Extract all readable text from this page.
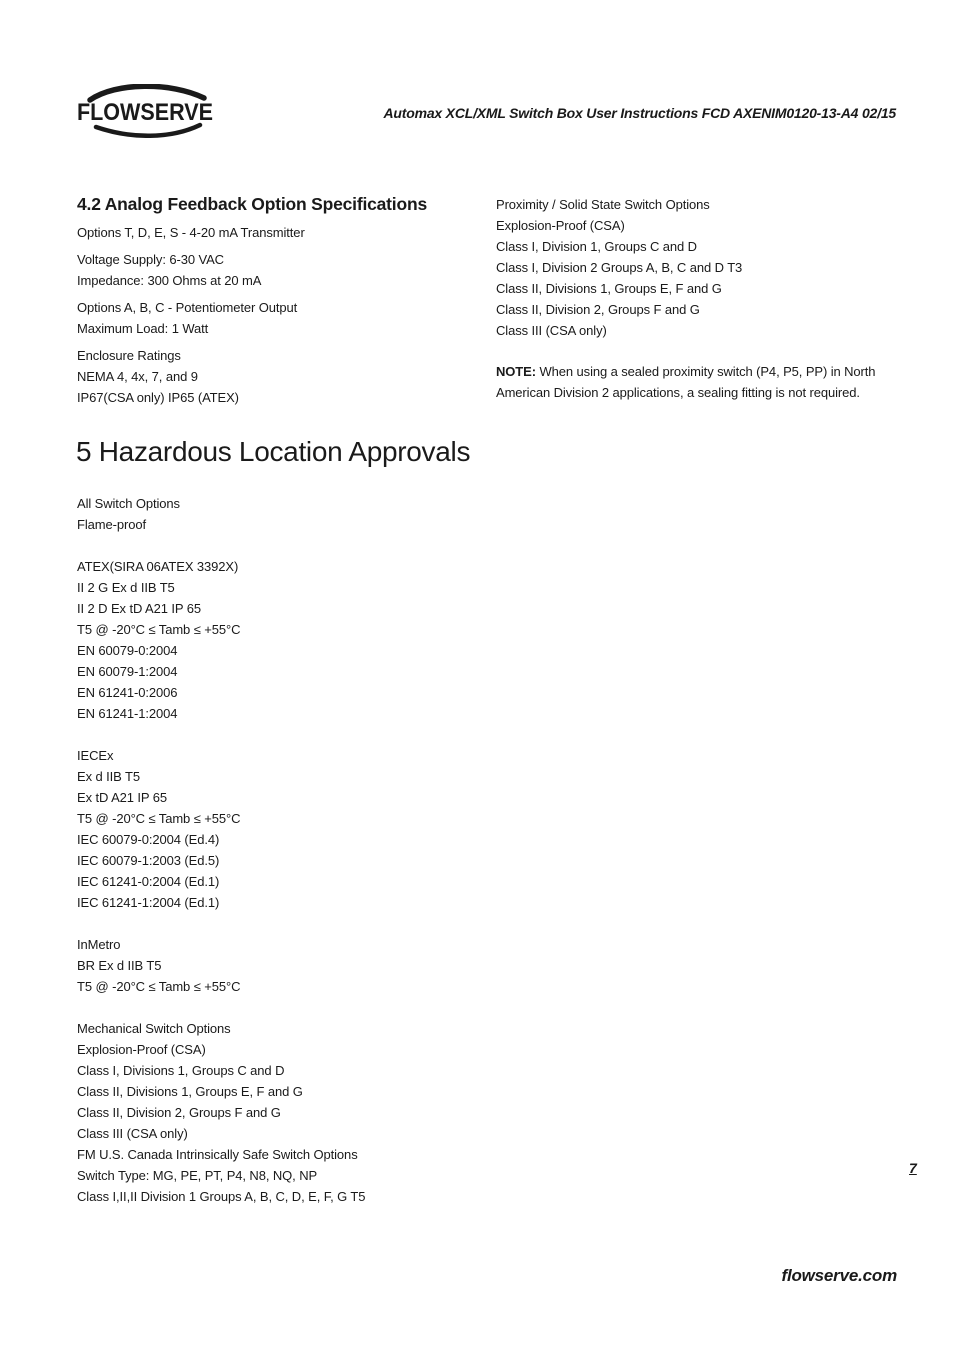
FLOWSERVE	Automax XCL/XML Switch Box User Instructions FCD AXENIM0120-13-A4 02/15
4.2 Analog Feedback Option Specifications
Options T, D, E, S - 4-20 mA Transmitter
Voltage Supply: 6-30 VAC
Impedance: 300 Ohms at 20 mA
Options A, B, C - Potentiometer Output
Maximum Load: 1 Watt
Enclosure Ratings
NEMA 4, 4x, 7, and 9
IP67(CSA only) IP65 (ATEX)
Proximity / Solid State Switch Options
Explosion-Proof (CSA)
Class I, Division 1, Groups C and D
Class I, Division 2 Groups A, B, C and D T3
Class II, Divisions 1, Groups E, F and G
Class II, Division 2, Groups F and G
Class III (CSA only)
NOTE: When using a sealed proximity switch (P4, P5, PP) in North American Division 2 applications, a sealing fitting is not required.
5 Hazardous Location Approvals
All Switch Options
Flame-proof
ATEX(SIRA 06ATEX 3392X)
II 2 G Ex d IIB T5
II 2 D Ex tD A21 IP 65
T5 @ -20°C ≤ Tamb ≤ +55°C
EN 60079-0:2004
EN 60079-1:2004
EN 61241-0:2006
EN 61241-1:2004
IECEx
Ex d IIB T5
Ex tD A21 IP 65
T5 @ -20°C ≤ Tamb ≤ +55°C
IEC 60079-0:2004 (Ed.4)
IEC 60079-1:2003 (Ed.5)
IEC 61241-0:2004 (Ed.1)
IEC 61241-1:2004 (Ed.1)
InMetro
BR Ex d IIB T5
T5 @ -20°C ≤ Tamb ≤ +55°C
Mechanical Switch Options
Explosion-Proof (CSA)
Class I, Divisions 1, Groups C and D
Class II, Divisions 1, Groups E, F and G
Class II, Division 2, Groups F and G
Class III (CSA only)
FM U.S. Canada Intrinsically Safe Switch Options
Switch Type: MG, PE, PT, P4, N8, NQ, NP
Class I,II,II Division 1 Groups A, B, C, D, E, F, G T5
7
flowserve.com
